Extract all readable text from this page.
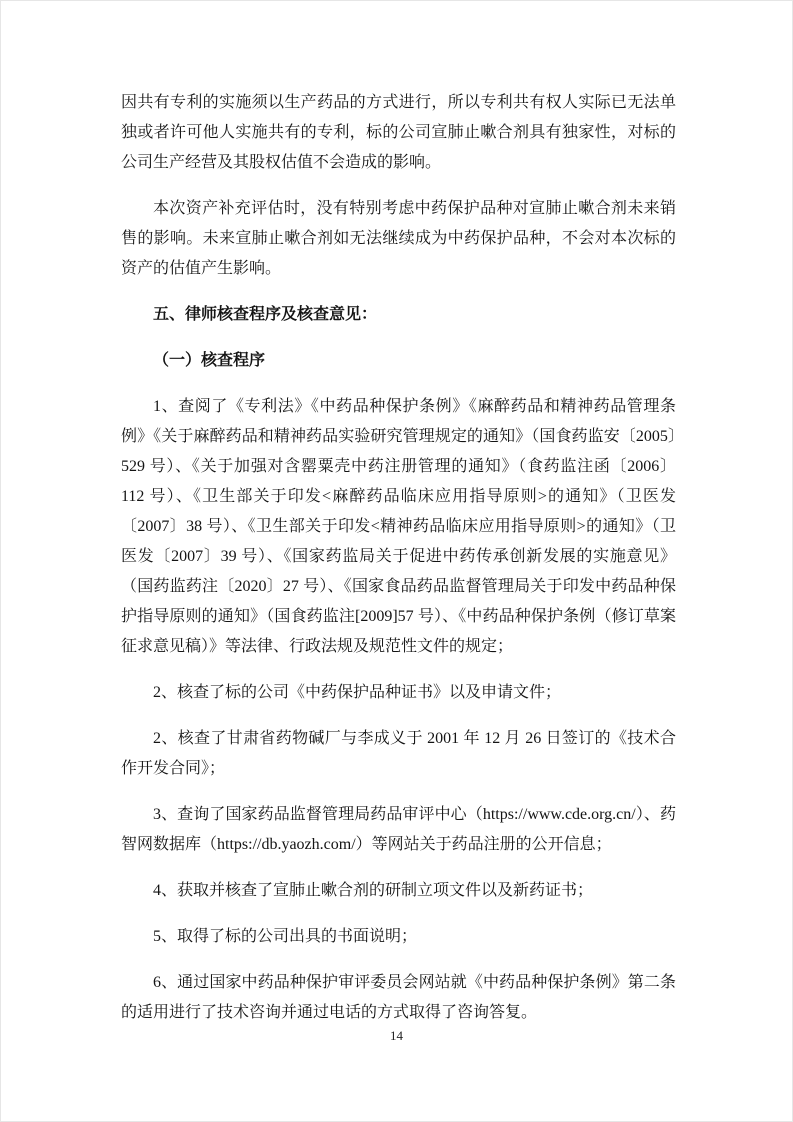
因共有专利的实施须以生产药品的方式进行，所以专利共有权人实际已无法单独或者许可他人实施共有的专利，标的公司宣肺止嗽合剂具有独家性，对标的公司生产经营及其股权估值不会造成的影响。

本次资产补充评估时，没有特别考虑中药保护品种对宣肺止嗽合剂未来销售的影响。未来宣肺止嗽合剂如无法继续成为中药保护品种，不会对本次标的资产的估值产生影响。

五、律师核查程序及核查意见：

（一）核查程序

1、查阅了《专利法》《中药品种保护条例》《麻醉药品和精神药品管理条例》《关于麻醉药品和精神药品实验研究管理规定的通知》（国食药监安〔2005〕529 号）、《关于加强对含罂粟壳中药注册管理的通知》（食药监注函〔2006〕112 号）、《卫生部关于印发<麻醉药品临床应用指导原则>的通知》（卫医发〔2007〕38 号）、《卫生部关于印发<精神药品临床应用指导原则>的通知》（卫医发〔2007〕39 号）、《国家药监局关于促进中药传承创新发展的实施意见》（国药监药注〔2020〕27 号）、《国家食品药品监督管理局关于印发中药品种保护指导原则的通知》（国食药监注[2009]57 号）、《中药品种保护条例（修订草案征求意见稿）》等法律、行政法规及规范性文件的规定；

2、核查了标的公司《中药保护品种证书》以及申请文件；

2、核查了甘肃省药物碱厂与李成义于 2001 年 12 月 26 日签订的《技术合作开发合同》；

3、查询了国家药品监督管理局药品审评中心（https://www.cde.org.cn/）、药智网数据库（https://db.yaozh.com/）等网站关于药品注册的公开信息；

4、获取并核查了宣肺止嗽合剂的研制立项文件以及新药证书；

5、取得了标的公司出具的书面说明；

6、通过国家中药品种保护审评委员会网站就《中药品种保护条例》第二条的适用进行了技术咨询并通过电话的方式取得了咨询答复。

14
